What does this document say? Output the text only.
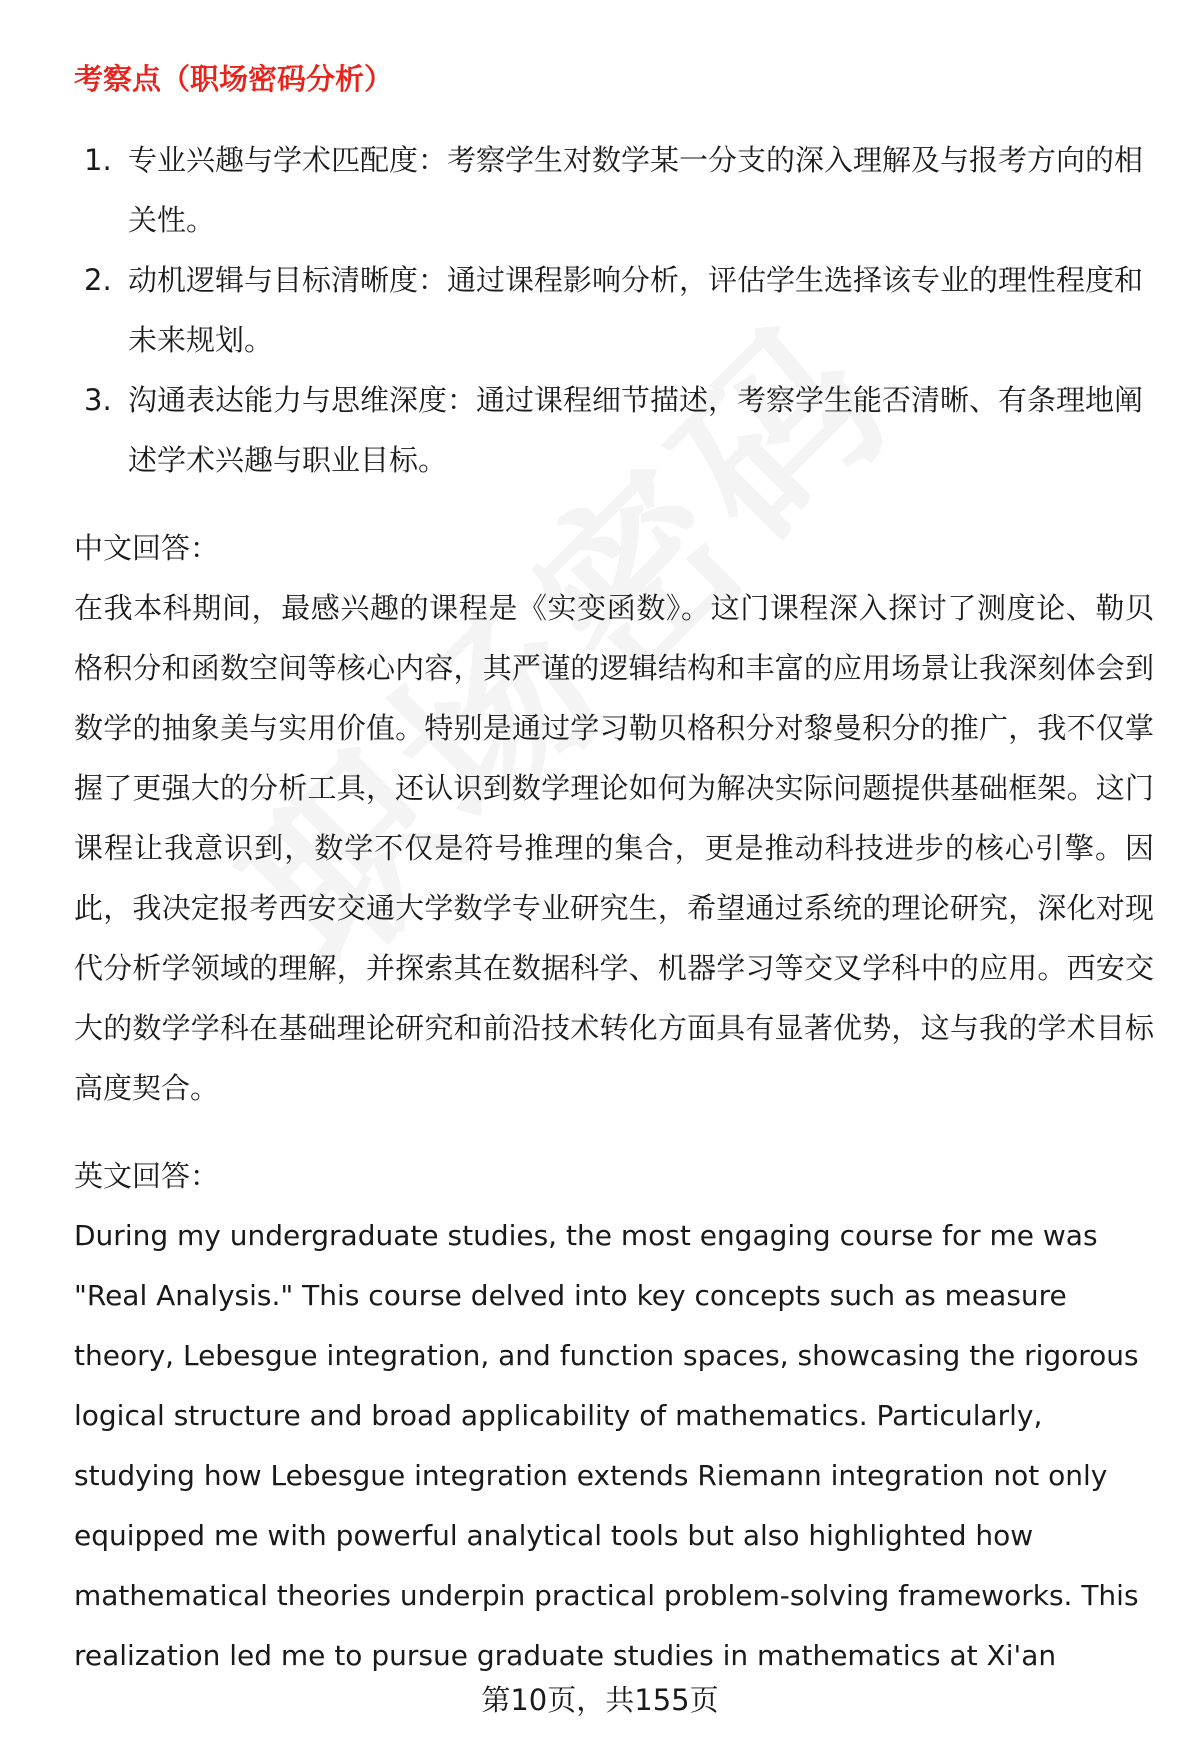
考察点（职场密码分析）
1. 专业兴趣与学术匹配度：考察学生对数学某一分支的深入理解及与报考方向的相关性。
2. 动机逻辑与目标清晰度：通过课程影响分析，评估学生选择该专业的理性程度和未来规划。
3. 沟通表达能力与思维深度：通过课程细节描述，考察学生能否清晰、有条理地阐述学术兴趣与职业目标。
中文回答：

在我本科期间，最感兴趣的课程是《实变函数》。这门课程深入探讨了测度论、勒贝格积分和函数空间等核心内容，其严谨的逻辑结构和丰富的应用场景让我深刻体会到数学的抽象美与实用价值。特别是通过学习勒贝格积分对黎曼积分的推广，我不仅掌握了更强大的分析工具，还认识到数学理论如何为解决实际问题提供基础框架。这门课程让我意识到，数学不仅是符号推理的集合，更是推动科技进步的核心引擎。因此，我决定报考西安交通大学数学专业研究生，希望通过系统的理论研究，深化对现代分析学领域的理解，并探索其在数据科学、机器学习等交叉学科中的应用。西安交大的数学学科在基础理论研究和前沿技术转化方面具有显著优势，这与我的学术目标高度契合。

英文回答：

During my undergraduate studies, the most engaging course for me was "Real Analysis." This course delved into key concepts such as measure theory, Lebesgue integration, and function spaces, showcasing the rigorous logical structure and broad applicability of mathematics. Particularly, studying how Lebesgue integration extends Riemann integration not only equipped me with powerful analytical tools but also highlighted how mathematical theories underpin practical problem-solving frameworks. This realization led me to pursue graduate studies in mathematics at Xi'an

第10页，共155页
